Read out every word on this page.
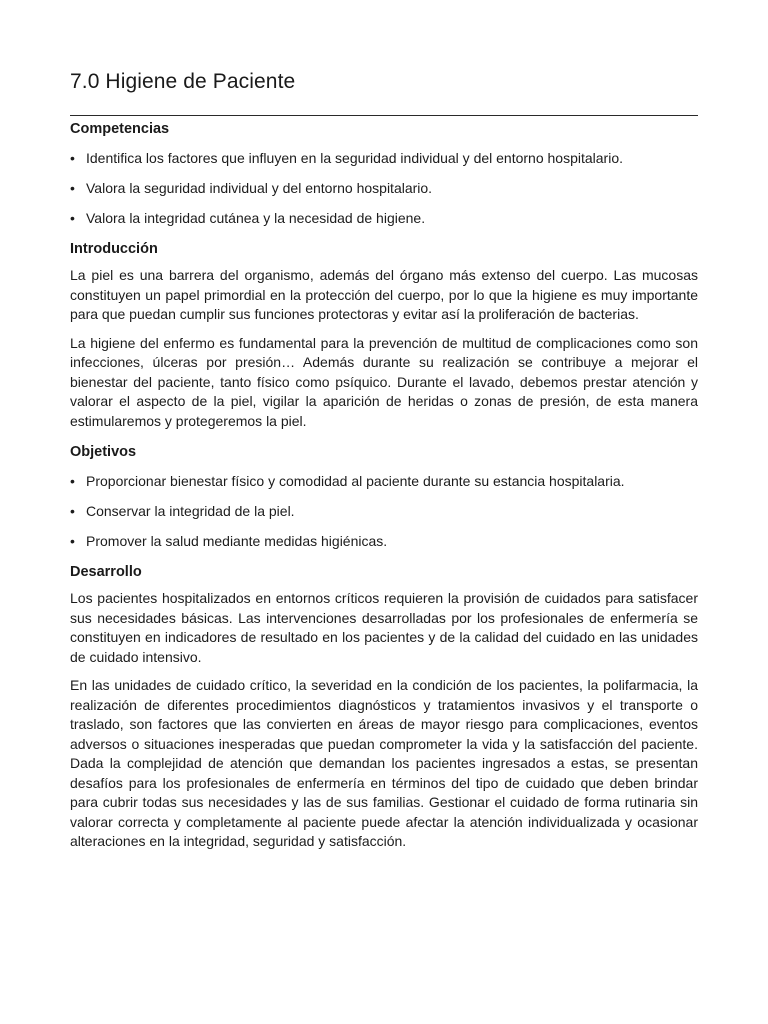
7.0 Higiene de Paciente
Competencias
• Identifica los factores que influyen en la seguridad individual y del entorno hospitalario.
• Valora la seguridad individual y del entorno hospitalario.
• Valora la integridad cutánea y la necesidad de higiene.
Introducción

La piel es una barrera del organismo, además del órgano más extenso del cuerpo. Las mucosas constituyen un papel primordial en la protección del cuerpo, por lo que la higiene es muy importante para que puedan cumplir sus funciones protectoras y evitar así la proliferación de bacterias.

La higiene del enfermo es fundamental para la prevención de multitud de complicaciones como son infecciones, úlceras por presión… Además durante su realización se contribuye a mejorar el bienestar del paciente, tanto físico como psíquico. Durante el lavado, debemos prestar atención y valorar el aspecto de la piel, vigilar la aparición de heridas o zonas de presión, de esta manera estimularemos y protegeremos la piel.

Objetivos
• Proporcionar bienestar físico y comodidad al paciente durante su estancia hospitalaria.
• Conservar la integridad de la piel.
• Promover la salud mediante medidas higiénicas.
Desarrollo

Los pacientes hospitalizados en entornos críticos requieren la provisión de cuidados para satisfacer sus necesidades básicas. Las intervenciones desarrolladas por los profesionales de enfermería se constituyen en indicadores de resultado en los pacientes y de la calidad del cuidado en las unidades de cuidado intensivo.

En las unidades de cuidado crítico, la severidad en la condición de los pacientes, la polifarmacia, la realización de diferentes procedimientos diagnósticos y tratamientos invasivos y el transporte o traslado, son factores que las convierten en áreas de mayor riesgo para complicaciones, eventos adversos o situaciones inesperadas que puedan comprometer la vida y la satisfacción del paciente. Dada la complejidad de atención que demandan los pacientes ingresados a estas, se presentan desafíos para los profesionales de enfermería en términos del tipo de cuidado que deben brindar para cubrir todas sus necesidades y las de sus familias. Gestionar el cuidado de forma rutinaria sin valorar correcta y completamente al paciente puede afectar la atención individualizada y ocasionar alteraciones en la integridad, seguridad y satisfacción.
